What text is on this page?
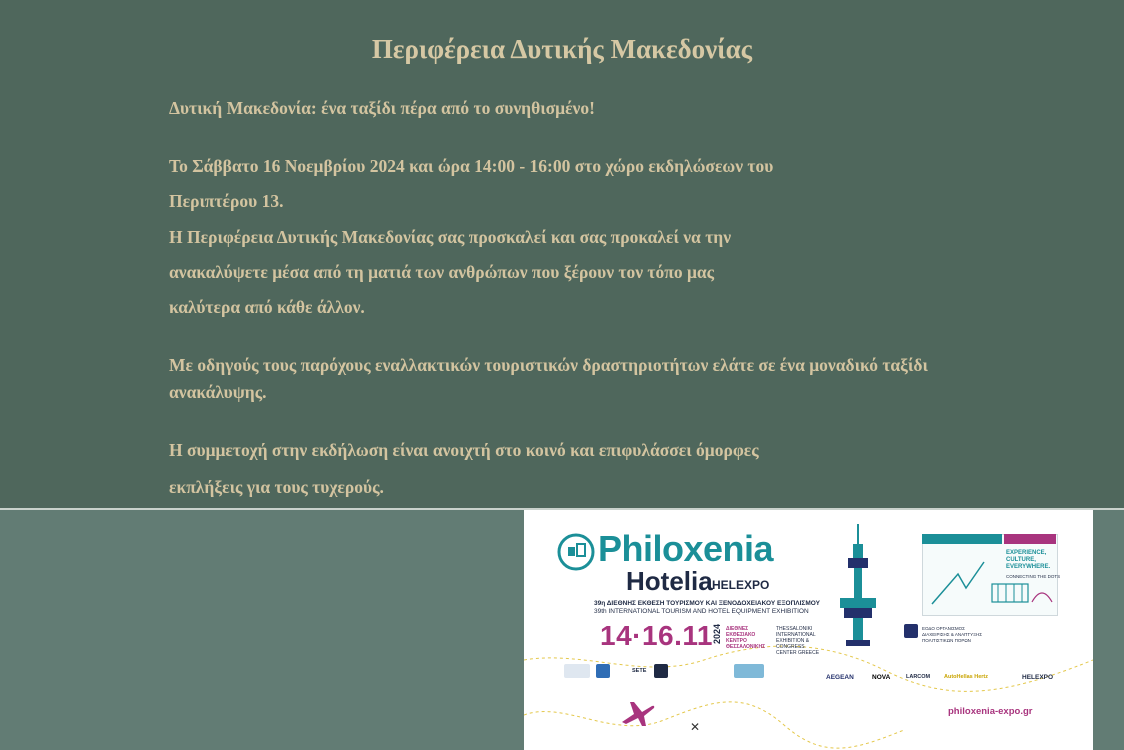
Περιφέρεια Δυτικής Μακεδονίας

Δυτική Μακεδονία: ένα ταξίδι πέρα από το συνηθισμένο!

Το Σάββατο 16 Νοεμβρίου 2024 και ώρα 14:00 - 16:00 στο χώρο εκδηλώσεων του

Περιπτέρου 13.

Η Περιφέρεια Δυτικής Μακεδονίας σας προσκαλεί και σας προκαλεί να την

ανακαλύψετε μέσα από τη ματιά των ανθρώπων που ξέρουν τον τόπο μας

καλύτερα από κάθε άλλον.

Με οδηγούς τους παρόχους εναλλακτικών τουριστικών δραστηριοτήτων ελάτε σε ένα μοναδικό ταξίδι

ανακάλυψης.

Η συμμετοχή στην εκδήλωση είναι ανοιχτή στο κοινό και επιφυλάσσει όμορφες

εκπλήξεις για τους τυχερούς.

Philoxenia
Hotelia HELEXPO
39η ΔΙΕΘΝΗΣ ΕΚΘΕΣΗ ΤΟΥΡΙΣΜΟΥ ΚΑΙ ΞΕΝΟΔΟΧΕΙΑΚΟΥ ΕΞΟΠΛΙΣΜΟΥ
39th INTERNATIONAL TOURISM AND HOTEL EQUIPMENT EXHIBITION
14·16.11 2024 ΔΙΕΘΝΕΣ ΕΚΘΕΣΙΑΚΟ ΚΕΝΤΡΟ ΘΕΣΣΑΛΟΝΙΚΗΣ
THESSALONIKI INTERNATIONAL EXHIBITION & CONGRESS CENTER GREECE
EXPERIENCE, CULTURE, EVERYWHERE.
CONNECTING THE DOTS
ΕΟΔΟ ΟΡΓΑΝΙΣΜΟΣ ΔΙΑΧΕΙΡΙΣΗΣ & ΑΝΑΠΤΥΞΗΣ ΠΟΛΙΤΙΣΤΙΚΩΝ ΠΟΡΩΝ
SETE
AEGEAN	NOVA	LARCOM	AutoHellas Hertz	HELEXPO
✕
philoxenia-expo.gr
